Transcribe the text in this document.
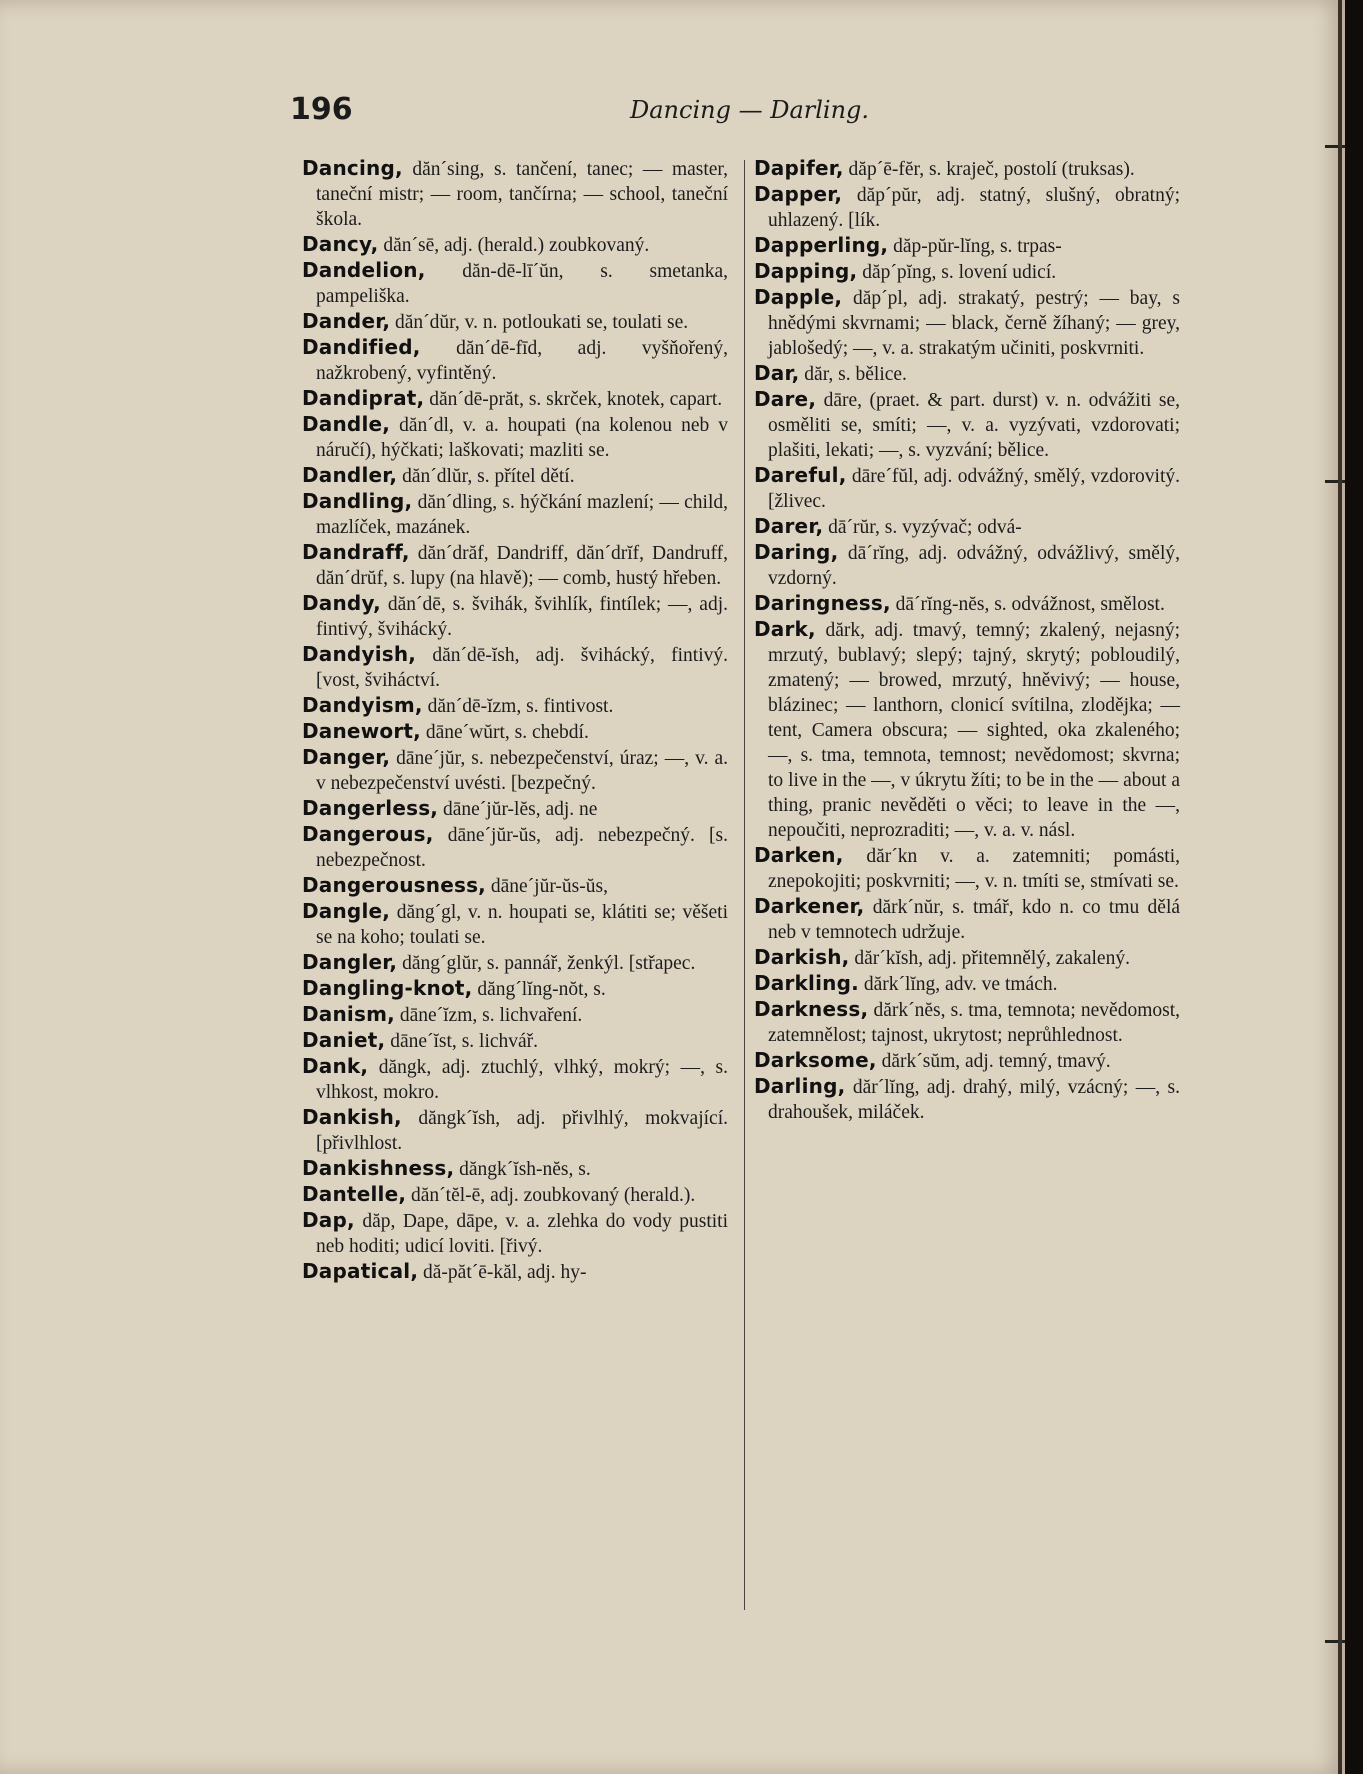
196	Dancing — Darling.

Dancing, dăn´sing, s. tančení, tanec; — master, taneční mistr; — room, tančírna; — school, taneční škola.

Dancy, dăn´sē, adj. (herald.) zoubkovaný.

Dandelion, dăn-dē-lī´ŭn, s. smetanka, pampeliška.

Dander, dăn´dŭr, v. n. potloukati se, toulati se.

Dandified, dăn´dē-fīd, adj. vyšňořený, nažkrobený, vyfintěný.

Dandiprat, dăn´dē-prăt, s. skrček, knotek, capart.

Dandle, dăn´dl, v. a. houpati (na kolenou neb v náručí), hýčkati; laškovati; mazliti se.

Dandler, dăn´dlŭr, s. přítel dětí.

Dandling, dăn´dling, s. hýčkání mazlení; — child, mazlíček, mazánek.

Dandraff, dăn´drăf, Dandriff, dăn´drĭf, Dandruff, dăn´drŭf, s. lupy (na hlavě); — comb, hustý hřeben.

Dandy, dăn´dē, s. švihák, švihlík, fintílek; —, adj. fintivý, švihácký.

Dandyish, dăn´dē-ĭsh, adj. švihácký, fintivý. [vost, šviháctví.

Dandyism, dăn´dē-ĭzm, s. fintivost.

Danewort, dāne´wŭrt, s. chebdí.

Danger, dāne´jŭr, s. nebezpečenství, úraz; —, v. a. v nebezpečenství uvésti. [bezpečný.

Dangerless, dāne´jŭr-lĕs, adj. ne

Dangerous, dāne´jŭr-ŭs, adj. nebezpečný. [s. nebezpečnost.

Dangerousness, dāne´jŭr-ŭs-ŭs,

Dangle, dăng´gl, v. n. houpati se, klátiti se; věšeti se na koho; toulati se.

Dangler, dăng´glŭr, s. pannář, ženkýl. [střapec.

Dangling-knot, dăng´lĭng-nŏt, s.

Danism, dāne´ĭzm, s. lichvaření.

Daniet, dāne´ĭst, s. lichvář.

Dank, dăngk, adj. ztuchlý, vlhký, mokrý; —, s. vlhkost, mokro.

Dankish, dăngk´ĭsh, adj. přivlhlý, mokvající. [přivlhlost.

Dankishness, dăngk´ĭsh-nĕs, s.

Dantelle, dăn´tĕl-ē, adj. zoubkovaný (herald.).

Dap, dăp, Dape, dāpe, v. a. zlehka do vody pustiti neb hoditi; udicí loviti. [řivý.

Dapatical, dă-păt´ē-kăl, adj. hy-

Dapifer, dăp´ē-fĕr, s. krаječ, postolí (truksas).

Dapper, dăp´pŭr, adj. statný, slušný, obratný; uhlazený. [lík.

Dapperling, dăp-pŭr-lĭng, s. trpas-

Dapping, dăp´pĭng, s. lovení udicí.

Dapple, dăp´pl, adj. strakatý, pestrý; — bay, s hnědými skvrnami; — black, černě žíhaný; — grey, jablošedý; —, v. a. strakatým učiniti, poskvrniti.

Dar, dăr, s. bělice.

Dare, dāre, (praet. & part. durst) v. n. odvážiti se, osměliti se, smíti; —, v. a. vyzývati, vzdorovati; plašiti, lekati; —, s. vyzvání; bělice.

Dareful, dāre´fŭl, adj. odvážný, smělý, vzdorovitý. [žlivec.

Darer, dā´rŭr, s. vyzývač; odvá-

Daring, dā´rĭng, adj. odvážný, odvážlivý, smělý, vzdorný.

Daringness, dā´rĭng-nĕs, s. odvážnost, smělost.

Dark, dărk, adj. tmavý, temný; zkalený, nejasný; mrzutý, bublavý; slepý; tajný, skrytý; pobloudilý, zmatený; — browed, mrzutý, hněvivý; — house, blázinec; — lanthorn, clonicí svítilna, zlodějka; — tent, Camera obscura; — sighted, oka zkaleného; —, s. tma, temnota, temnost; nevědomost; skvrna; to live in the —, v úkrytu žíti; to be in the — about a thing, pranic nevěděti o věci; to leave in the —, nepoučiti, neprozraditi; —, v. a. v. násl.

Darken, dăr´kn v. a. zatemniti; pomásti, znepokojiti; poskvrniti; —, v. n. tmíti se, stmívati se.

Darkener, dărk´nŭr, s. tmář, kdo n. co tmu dělá neb v temnotech udržuje.

Darkish, dăr´kĭsh, adj. přitemnělý, zakalený.

Darkling. dărk´lĭng, adv. ve tmách.

Darkness, dărk´nĕs, s. tma, temnota; nevědomost, zatemnělost; tajnost, ukrytost; neprůhlednost.

Darksome, dărk´sŭm, adj. temný, tmavý.

Darling, dăr´lĭng, adj. drahý, milý, vzácný; —, s. drahoušek, miláček.
